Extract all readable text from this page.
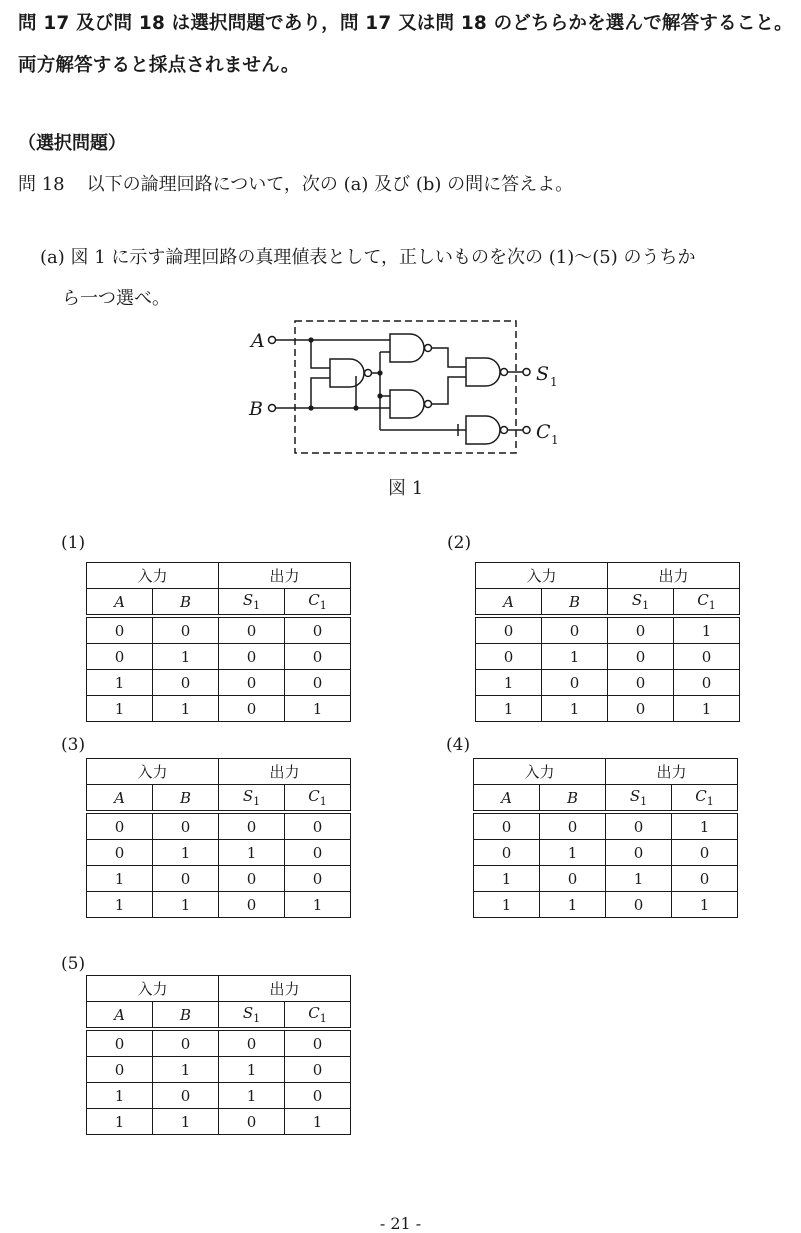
問 17 及び問 18 は選択問題であり，問 17 又は問 18 のどちらかを選んで解答すること。
両方解答すると採点されません。
（選択問題）
問 18 以下の論理回路について，次の (a) 及び (b) の問に答えよ。
(a) 図 1 に示す論理回路の真理値表として，正しいものを次の (1)～(5) のうちか
ら一つ選べ。
A
B
S
C
1
1
図 1
(1)	(2)
(3)	(4)
(5)
入力		出力	
A	B	$S_1$	$C_1$
0	0	0	0
0	1	0	0
1	0	0	0
1	1	0	1
入力		出力	
A	B	$S_1$	$C_1$
0	0	0	1
0	1	0	0
1	0	0	0
1	1	0	1
入力		出力	
A	B	$S_1$	$C_1$
0	0	0	0
0	1	1	0
1	0	0	0
1	1	0	1
入力		出力	
A	B	$S_1$	$C_1$
0	0	0	1
0	1	0	0
1	0	1	0
1	1	0	1
入力		出力	
A	B	$S_1$	$C_1$
0	0	0	0
0	1	1	0
1	0	1	0
1	1	0	1
- 21 -
